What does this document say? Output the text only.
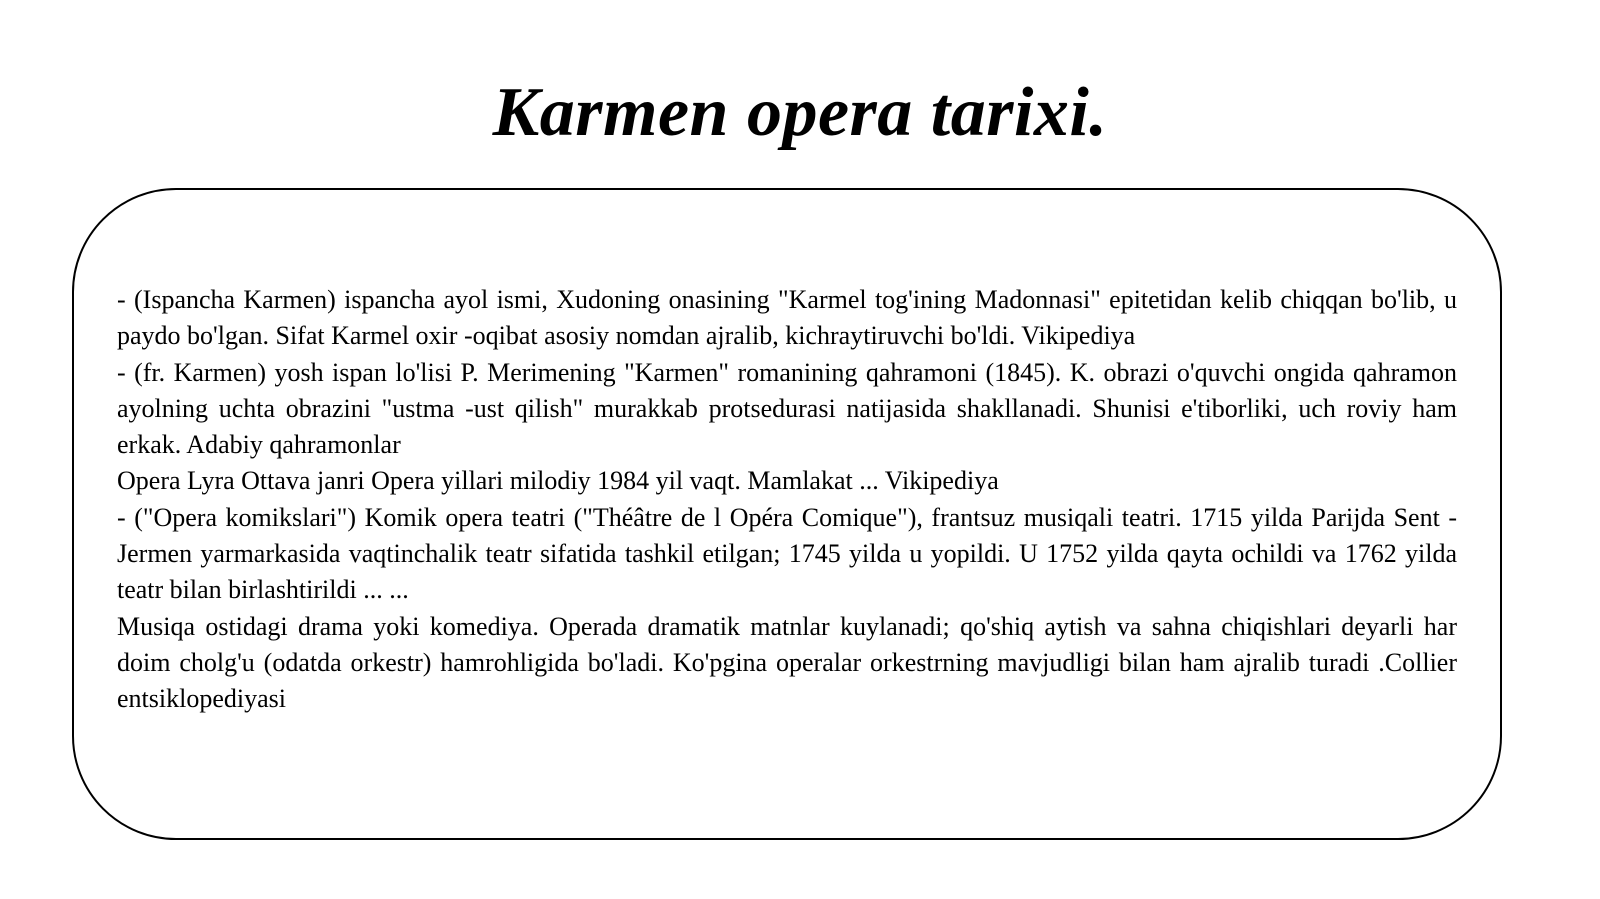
Karmen opera tarixi.

- (Ispancha Karmen) ispancha ayol ismi, Xudoning onasining "Karmel tog'ining Madonnasi" epitetidan kelib chiqqan bo'lib, u paydo bo'lgan. Sifat Karmel oxir -oqibat asosiy nomdan ajralib, kichraytiruvchi bo'ldi. Vikipediya

- (fr. Karmen) yosh ispan lo'lisi P. Merimening "Karmen" romanining qahramoni (1845). K. obrazi o'quvchi ongida qahramon ayolning uchta obrazini "ustma -ust qilish" murakkab protsedurasi natijasida shakllanadi. Shunisi e'tiborliki, uch roviy ham erkak. Adabiy qahramonlar

Opera Lyra Ottava janri Opera yillari milodiy 1984 yil vaqt. Mamlakat ... Vikipediya

- ("Opera komikslari") Komik opera teatri ("Théâtre de l Opéra Comique"), frantsuz musiqali teatri. 1715 yilda Parijda Sent -Jermen yarmarkasida vaqtinchalik teatr sifatida tashkil etilgan; 1745 yilda u yopildi. U 1752 yilda qayta ochildi va 1762 yilda teatr bilan birlashtirildi ... ...

Musiqa ostidagi drama yoki komediya. Operada dramatik matnlar kuylanadi; qo'shiq aytish va sahna chiqishlari deyarli har doim cholg'u (odatda orkestr) hamrohligida bo'ladi. Ko'pgina operalar orkestrning mavjudligi bilan ham ajralib turadi .Collier entsiklopediyasi
